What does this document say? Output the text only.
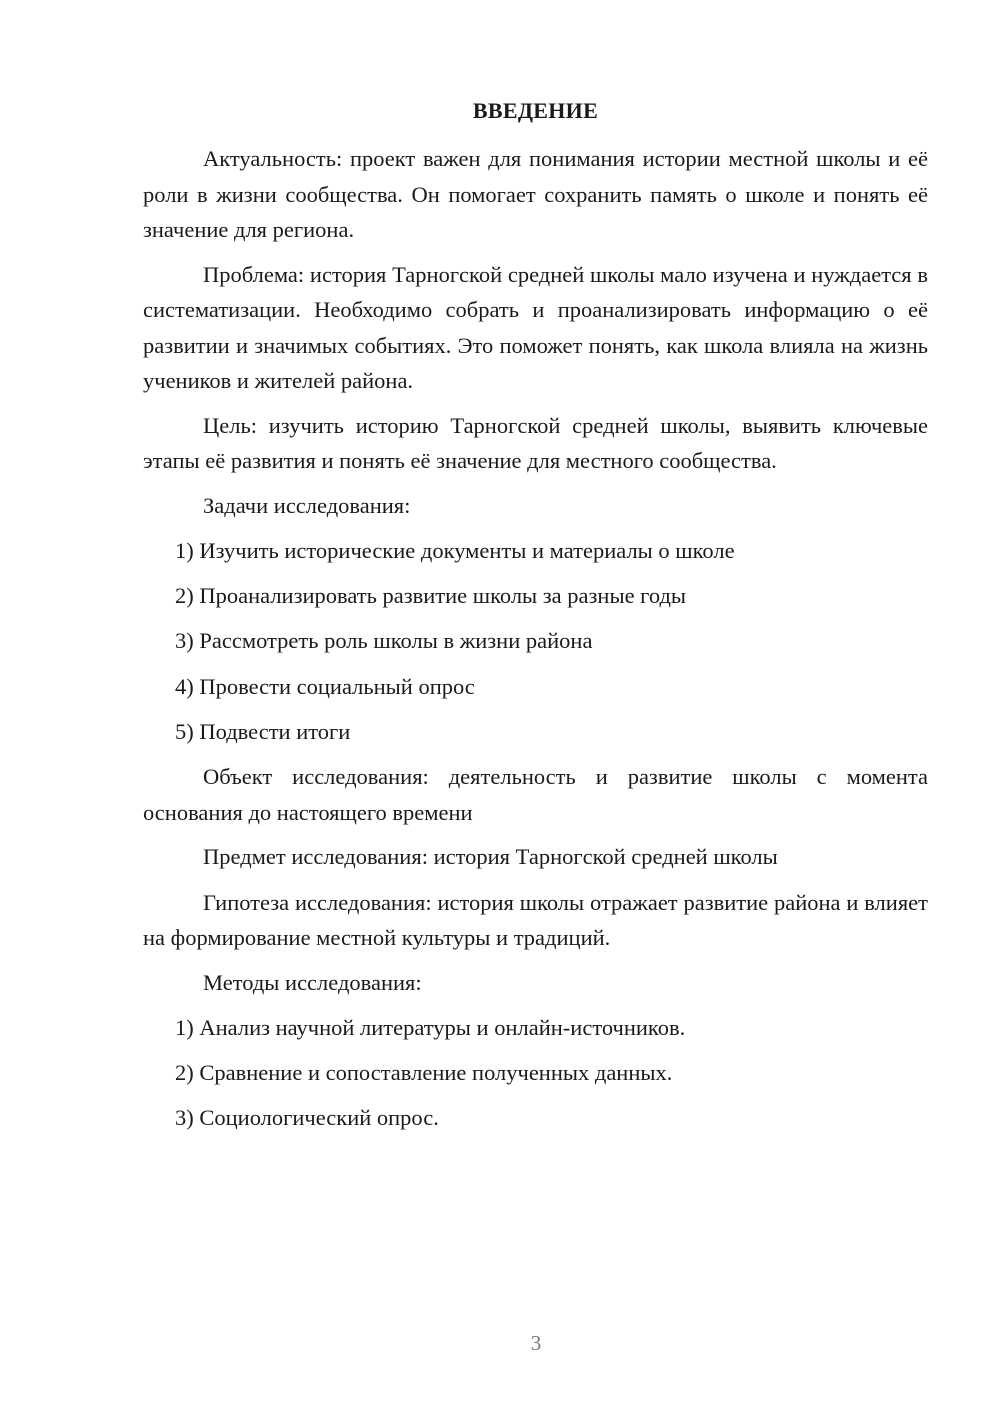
ВВЕДЕНИЕ

Актуальность: проект важен для понимания истории местной школы и её роли в жизни сообщества. Он помогает сохранить память о школе и понять её значение для региона.

Проблема: история Тарногской средней школы мало изучена и нуждается в систематизации. Необходимо собрать и проанализировать информацию о её развитии и значимых событиях. Это поможет понять, как школа влияла на жизнь учеников и жителей района.

Цель: изучить историю Тарногской средней школы, выявить ключевые этапы её развития и понять её значение для местного сообщества.

Задачи исследования:

1) Изучить исторические документы и материалы о школе

2) Проанализировать развитие школы за разные годы

3) Рассмотреть роль школы в жизни района

4) Провести социальный опрос

5) Подвести итоги

Объект исследования: деятельность и развитие школы с момента основания до настоящего времени

Предмет исследования: история Тарногской средней школы

Гипотеза исследования: история школы отражает развитие района и влияет на формирование местной культуры и традиций.

Методы исследования:

1) Анализ научной литературы и онлайн-источников.

2) Сравнение и сопоставление полученных данных.

3) Социологический опрос.

3
